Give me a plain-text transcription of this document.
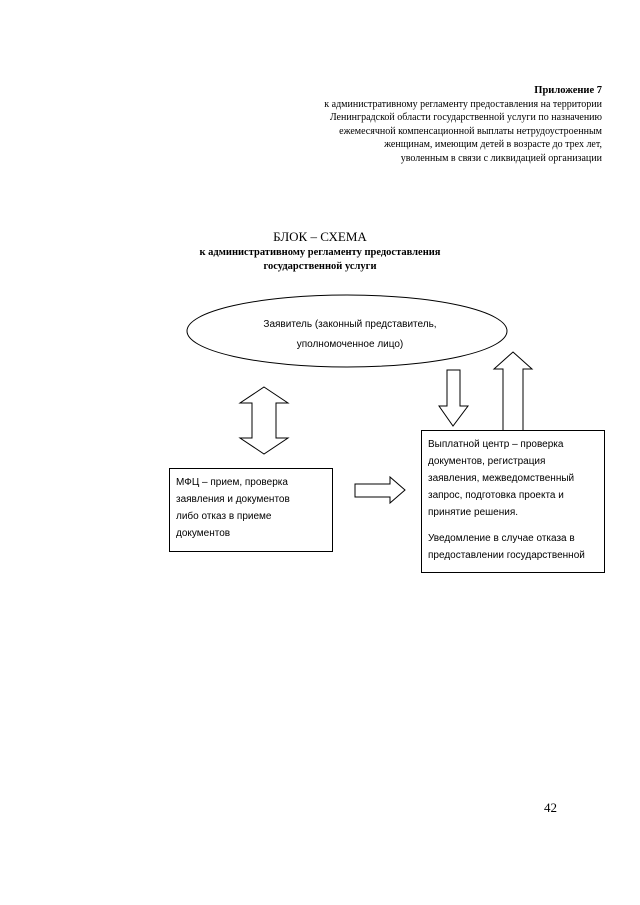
Приложение 7
к административному регламенту предоставления на территории
Ленинградской области государственной услуги по назначению
ежемесячной компенсационной выплаты нетрудоустроенным
женщинам, имеющим детей в возрасте до трех лет,
уволенным в связи с ликвидацией организации
БЛОК – СХЕМА
к административному регламенту предоставления
государственной услуги
Заявитель (законный представитель,
уполномоченное лицо)
МФЦ – прием, проверка
заявления и документов
либо отказ в приеме
документов
Выплатной центр – проверка
документов, регистрация
заявления, межведомственный
запрос, подготовка проекта и
принятие решения.
Уведомление в случае отказа в
предоставлении государственной
42
